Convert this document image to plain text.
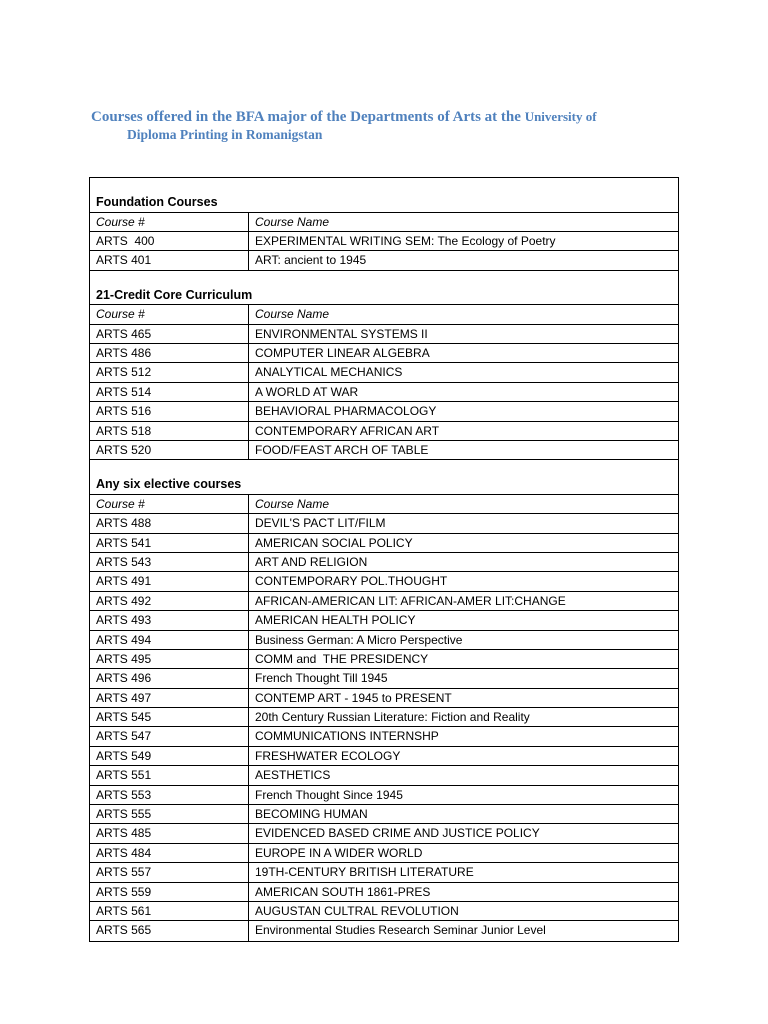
Courses offered in the BFA major of the Departments of Arts at the University of
Diploma Printing in Romanigstan
Foundation Courses
Course #	Course Name
ARTS  400	EXPERIMENTAL WRITING SEM: The Ecology of Poetry
ARTS 401	ART: ancient to 1945
21-Credit Core Curriculum
Course #	Course Name
ARTS 465	ENVIRONMENTAL SYSTEMS II
ARTS 486	COMPUTER LINEAR ALGEBRA
ARTS 512	ANALYTICAL MECHANICS
ARTS 514	A WORLD AT WAR
ARTS 516	BEHAVIORAL PHARMACOLOGY
ARTS 518	CONTEMPORARY AFRICAN ART
ARTS 520	FOOD/FEAST ARCH OF TABLE
Any six elective courses
Course #	Course Name
ARTS 488	DEVIL'S PACT LIT/FILM
ARTS 541	AMERICAN SOCIAL POLICY
ARTS 543	ART AND RELIGION
ARTS 491	CONTEMPORARY POL.THOUGHT
ARTS 492	AFRICAN-AMERICAN LIT: AFRICAN-AMER LIT:CHANGE
ARTS 493	AMERICAN HEALTH POLICY
ARTS 494	Business German: A Micro Perspective
ARTS 495	COMM and  THE PRESIDENCY
ARTS 496	French Thought Till 1945
ARTS 497	CONTEMP ART - 1945 to PRESENT
ARTS 545	20th Century Russian Literature: Fiction and Reality
ARTS 547	COMMUNICATIONS INTERNSHP
ARTS 549	FRESHWATER ECOLOGY
ARTS 551	AESTHETICS
ARTS 553	French Thought Since 1945
ARTS 555	BECOMING HUMAN
ARTS 485	EVIDENCED BASED CRIME AND JUSTICE POLICY
ARTS 484	EUROPE IN A WIDER WORLD
ARTS 557	19TH-CENTURY BRITISH LITERATURE
ARTS 559	AMERICAN SOUTH 1861-PRES
ARTS 561	AUGUSTAN CULTRAL REVOLUTION
ARTS 565	Environmental Studies Research Seminar Junior Level
